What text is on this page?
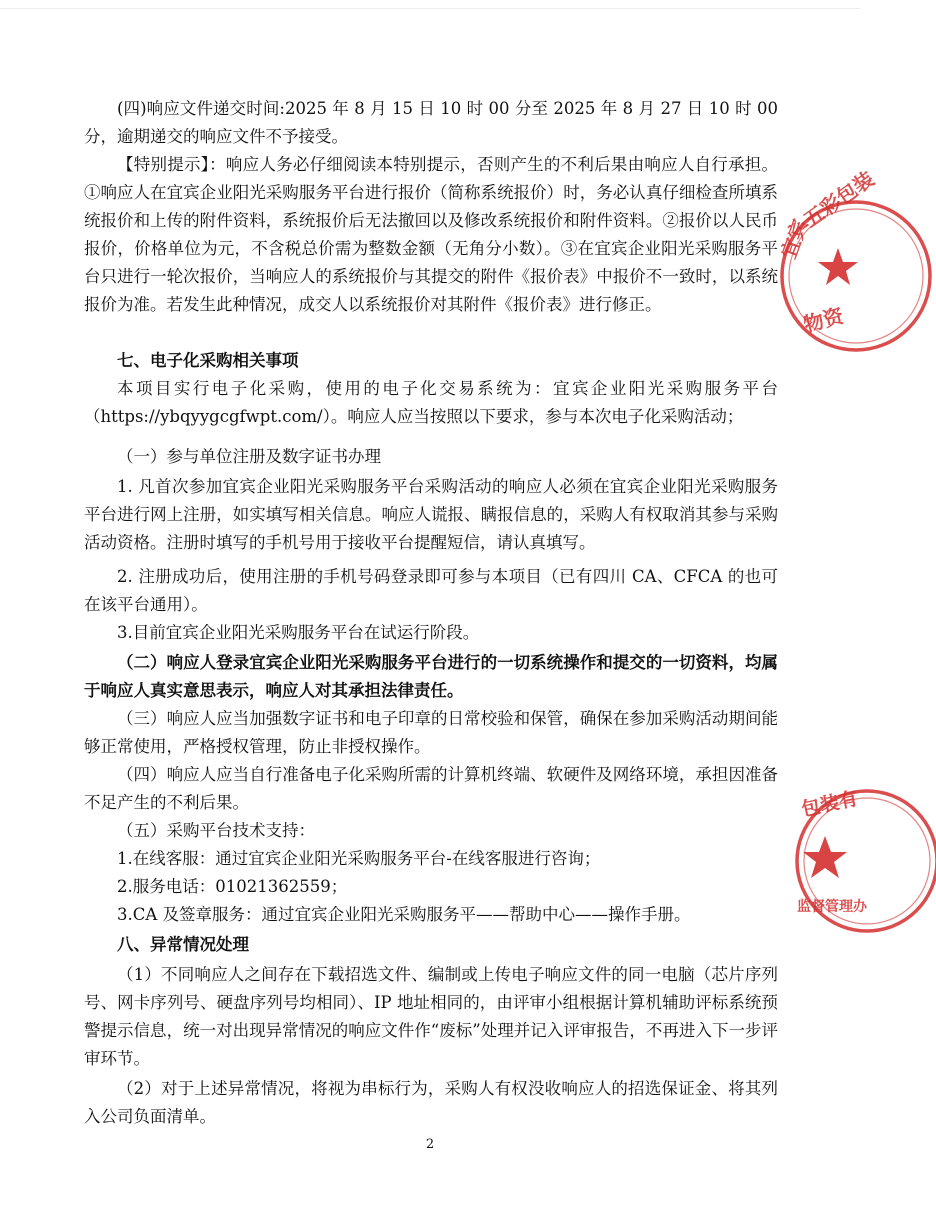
(四)响应文件递交时间:2025 年 8 月 15 日 10 时 00 分至 2025 年 8 月 27 日 10 时 00 分，逾期递交的响应文件不予接受。

【特别提示】：响应人务必仔细阅读本特别提示，否则产生的不利后果由响应人自行承担。①响应人在宜宾企业阳光采购服务平台进行报价（简称系统报价）时，务必认真仔细检查所填系统报价和上传的附件资料，系统报价后无法撤回以及修改系统报价和附件资料。②报价以人民币报价，价格单位为元，不含税总价需为整数金额（无角分小数）。③在宜宾企业阳光采购服务平台只进行一轮次报价，当响应人的系统报价与其提交的附件《报价表》中报价不一致时，以系统报价为准。若发生此种情况，成交人以系统报价对其附件《报价表》进行修正。

七、电子化采购相关事项

本项目实行电子化采购，使用的电子化交易系统为：宜宾企业阳光采购服务平台（https://ybqyygcgfwpt.com/）。响应人应当按照以下要求，参与本次电子化采购活动；

（一）参与单位注册及数字证书办理

1. 凡首次参加宜宾企业阳光采购服务平台采购活动的响应人必须在宜宾企业阳光采购服务平台进行网上注册，如实填写相关信息。响应人谎报、瞒报信息的，采购人有权取消其参与采购活动资格。注册时填写的手机号用于接收平台提醒短信，请认真填写。

2. 注册成功后，使用注册的手机号码登录即可参与本项目（已有四川 CA、CFCA 的也可在该平台通用）。

3.目前宜宾企业阳光采购服务平台在试运行阶段。

（二）响应人登录宜宾企业阳光采购服务平台进行的一切系统操作和提交的一切资料，均属于响应人真实意思表示，响应人对其承担法律责任。

（三）响应人应当加强数字证书和电子印章的日常校验和保管，确保在参加采购活动期间能够正常使用，严格授权管理，防止非授权操作。

（四）响应人应当自行准备电子化采购所需的计算机终端、软硬件及网络环境，承担因准备不足产生的不利后果。

（五）采购平台技术支持：

1.在线客服：通过宜宾企业阳光采购服务平台-在线客服进行咨询；

2.服务电话：01021362559；

3.CA 及签章服务：通过宜宾企业阳光采购服务平——帮助中心——操作手册。

八、异常情况处理

（1）不同响应人之间存在下载招选文件、编制或上传电子响应文件的同一电脑（芯片序列号、网卡序列号、硬盘序列号均相同）、IP 地址相同的，由评审小组根据计算机辅助评标系统预警提示信息，统一对出现异常情况的响应文件作“废标”处理并记入评审报告，不再进入下一步评审环节。

（2）对于上述异常情况，将视为串标行为，采购人有权没收响应人的招选保证金、将其列入公司负面清单。

2
宜宾
五彩包装
物资
包装有
监督管理办
